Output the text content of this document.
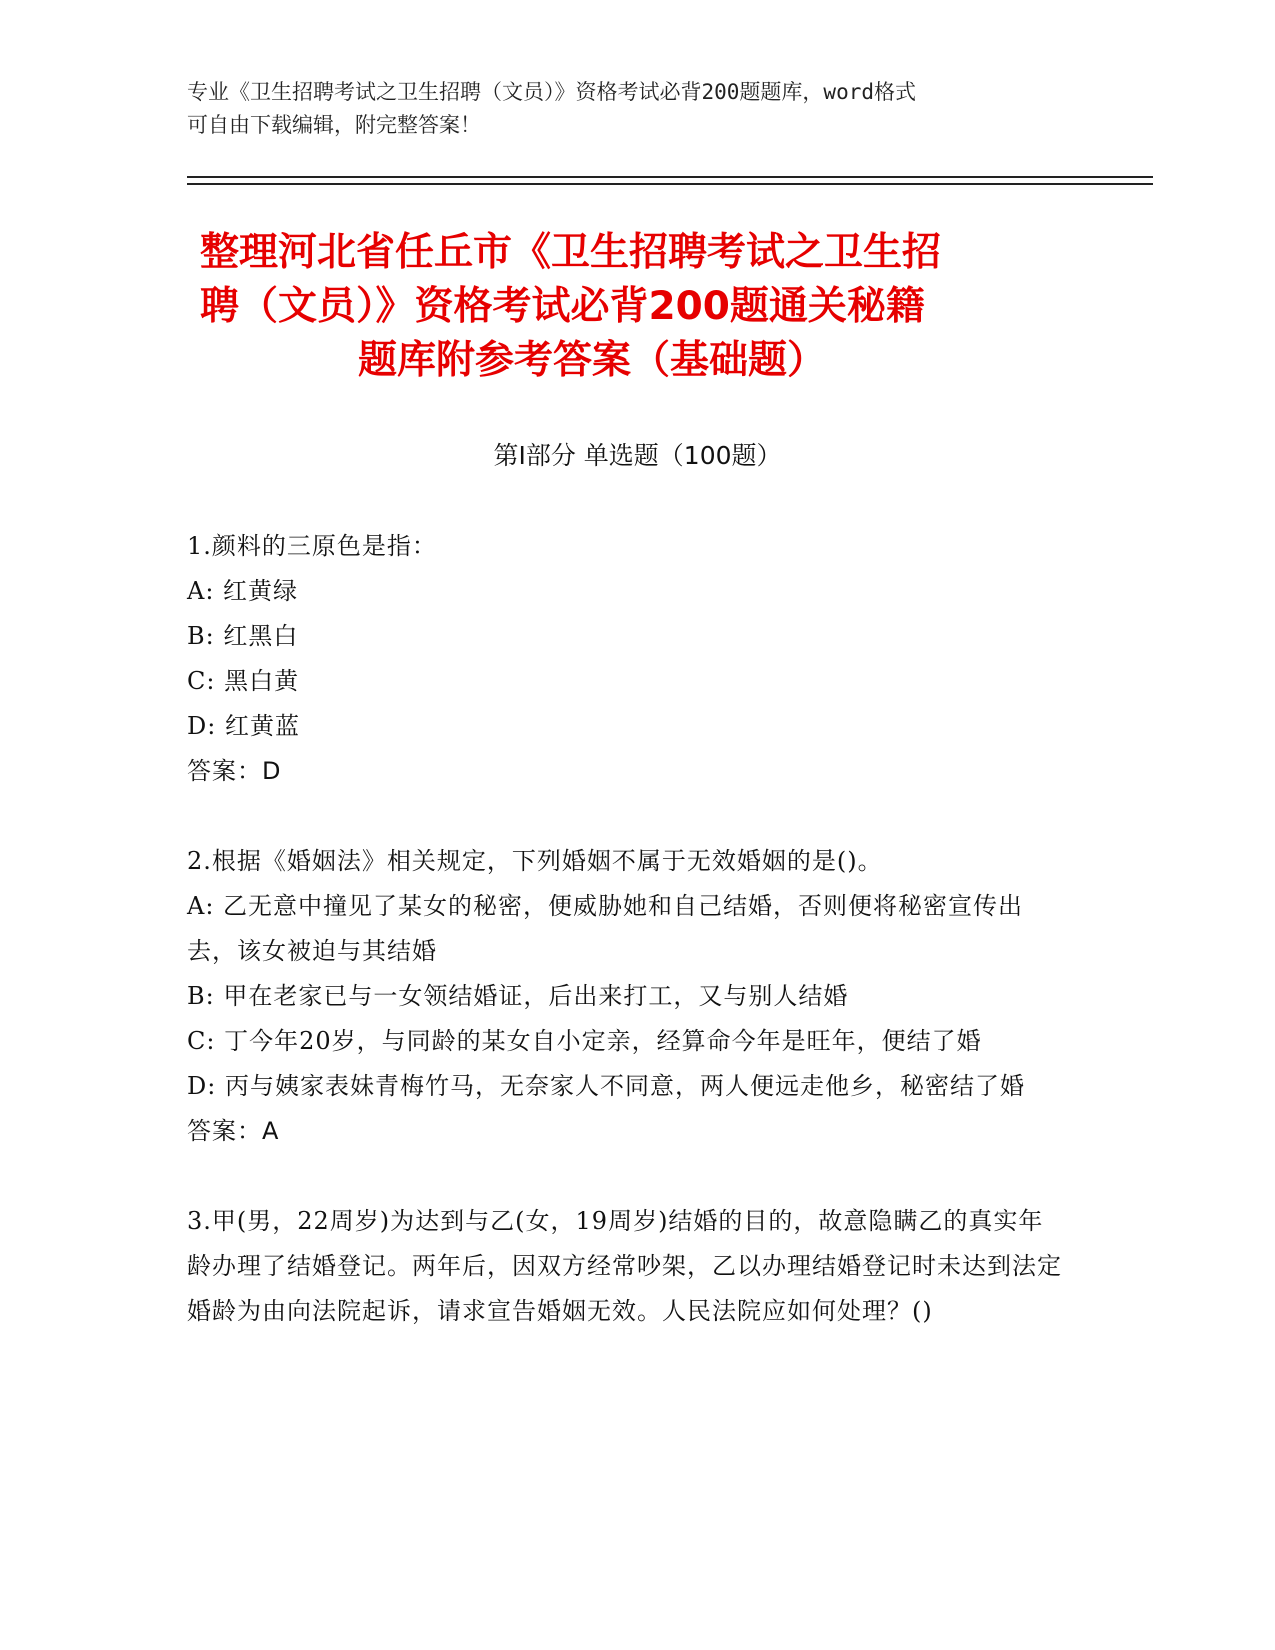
专业《卫生招聘考试之卫生招聘（文员）》资格考试必背200题题库，word格式
可自由下载编辑，附完整答案！
整理河北省任丘市《卫生招聘考试之卫生招
聘（文员）》资格考试必背200题通关秘籍
题库附参考答案（基础题）
第Ⅰ部分 单选题（100题）

1.颜料的三原色是指：

A: 红黄绿

B: 红黑白

C: 黑白黄

D: 红黄蓝

答案：D

2.根据《婚姻法》相关规定，下列婚姻不属于无效婚姻的是()。

A: 乙无意中撞见了某女的秘密，便威胁她和自己结婚，否则便将秘密宣传出去，该女被迫与其结婚

B: 甲在老家已与一女领结婚证，后出来打工，又与别人结婚

C: 丁今年20岁，与同龄的某女自小定亲，经算命今年是旺年，便结了婚

D: 丙与姨家表妹青梅竹马，无奈家人不同意，两人便远走他乡，秘密结了婚

答案：A

3.甲(男，22周岁)为达到与乙(女，19周岁)结婚的目的，故意隐瞒乙的真实年龄办理了结婚登记。两年后，因双方经常吵架，乙以办理结婚登记时未达到法定婚龄为由向法院起诉，请求宣告婚姻无效。人民法院应如何处理？()
